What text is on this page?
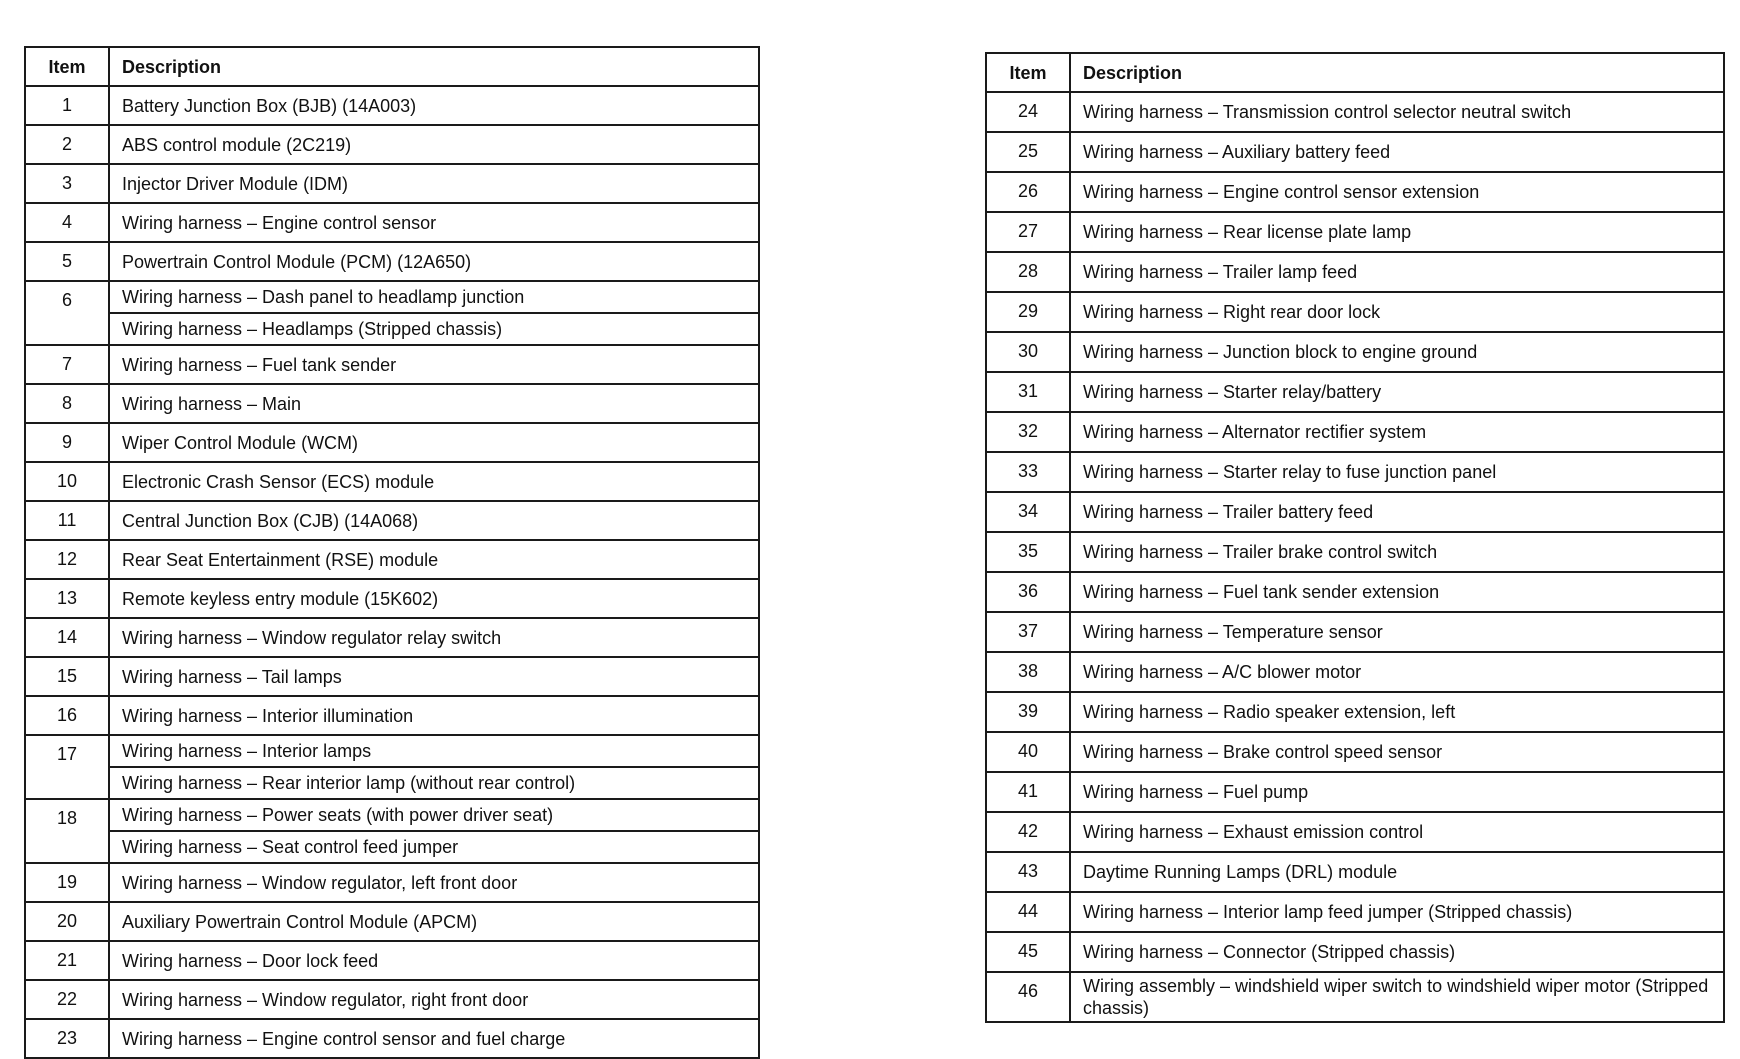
Item	Description
1	Battery Junction Box (BJB) (14A003)
2	ABS control module (2C219)
3	Injector Driver Module (IDM)
4	Wiring harness – Engine control sensor
5	Powertrain Control Module (PCM) (12A650)
6	Wiring harness – Dash panel to headlamp junction
	Wiring harness – Headlamps (Stripped chassis)
7	Wiring harness – Fuel tank sender
8	Wiring harness – Main
9	Wiper Control Module (WCM)
10	Electronic Crash Sensor (ECS) module
11	Central Junction Box (CJB) (14A068)
12	Rear Seat Entertainment (RSE) module
13	Remote keyless entry module (15K602)
14	Wiring harness – Window regulator relay switch
15	Wiring harness – Tail lamps
16	Wiring harness – Interior illumination
17	Wiring harness – Interior lamps
	Wiring harness – Rear interior lamp (without rear control)
18	Wiring harness – Power seats (with power driver seat)
	Wiring harness – Seat control feed jumper
19	Wiring harness – Window regulator, left front door
20	Auxiliary Powertrain Control Module (APCM)
21	Wiring harness – Door lock feed
22	Wiring harness – Window regulator, right front door
23	Wiring harness – Engine control sensor and fuel charge
Item	Description
24	Wiring harness – Transmission control selector neutral switch
25	Wiring harness – Auxiliary battery feed
26	Wiring harness – Engine control sensor extension
27	Wiring harness – Rear license plate lamp
28	Wiring harness – Trailer lamp feed
29	Wiring harness – Right rear door lock
30	Wiring harness – Junction block to engine ground
31	Wiring harness – Starter relay/battery
32	Wiring harness – Alternator rectifier system
33	Wiring harness – Starter relay to fuse junction panel
34	Wiring harness – Trailer battery feed
35	Wiring harness – Trailer brake control switch
36	Wiring harness – Fuel tank sender extension
37	Wiring harness – Temperature sensor
38	Wiring harness – A/C blower motor
39	Wiring harness – Radio speaker extension, left
40	Wiring harness – Brake control speed sensor
41	Wiring harness – Fuel pump
42	Wiring harness – Exhaust emission control
43	Daytime Running Lamps (DRL) module
44	Wiring harness – Interior lamp feed jumper (Stripped chassis)
45	Wiring harness – Connector (Stripped chassis)
46	Wiring assembly – windshield wiper switch to windshield wiper motor (Stripped chassis)
